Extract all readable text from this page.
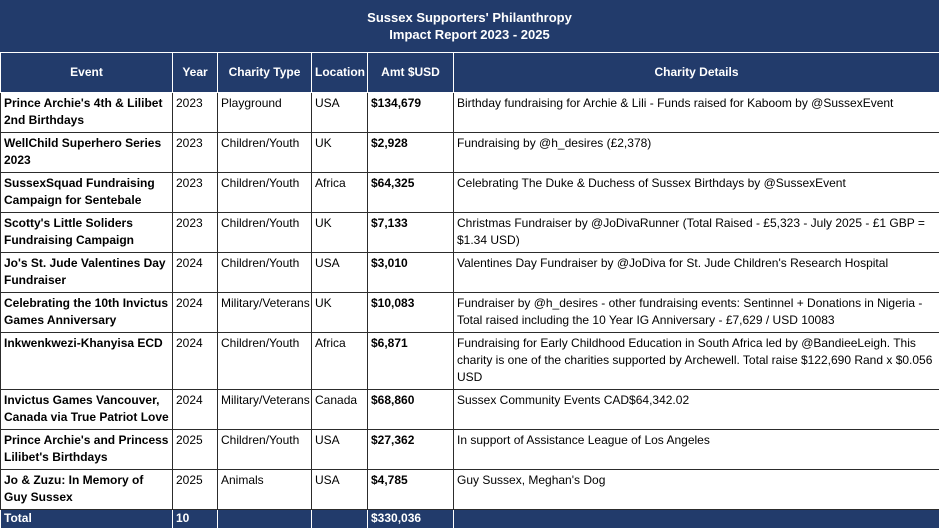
Sussex Supporters' Philanthropy
Impact Report 2023 - 2025
Event	Year	Charity Type	Location	Amt $USD	Charity Details
Prince Archie's 4th & Lilibet 2nd Birthdays	2023	Playground	USA	$134,679	Birthday fundraising for Archie & Lili - Funds raised for Kaboom by @SussexEvent
WellChild Superhero Series 2023	2023	Children/Youth	UK	$2,928	Fundraising by @h_desires (£2,378)
SussexSquad Fundraising Campaign for Sentebale	2023	Children/Youth	Africa	$64,325	Celebrating The Duke & Duchess of Sussex Birthdays by @SussexEvent
Scotty's Little Soliders Fundraising Campaign	2023	Children/Youth	UK	$7,133	Christmas Fundraiser by @JoDivaRunner (Total Raised - £5,323 - July 2025 - £1 GBP = $1.34 USD)
Jo's St. Jude Valentines Day Fundraiser	2024	Children/Youth	USA	$3,010	Valentines Day Fundraiser by @JoDiva for St. Jude Children's Research Hospital
Celebrating the 10th Invictus Games Anniversary	2024	Military/Veterans	UK	$10,083	Fundraiser by @h_desires - other fundraising events: Sentinnel + Donations in Nigeria - Total raised including the 10 Year IG Anniversary - £7,629 / USD 10083
Inkwenkwezi-Khanyisa ECD	2024	Children/Youth	Africa	$6,871	Fundraising for Early Childhood Education in South Africa led by @BandieeLeigh. This charity is one of the charities supported by Archewell. Total raise $122,690 Rand x $0.056 USD
Invictus Games Vancouver, Canada via True Patriot Love	2024	Military/Veterans	Canada	$68,860	Sussex Community Events CAD$64,342.02
Prince Archie's and Princess Lilibet's Birthdays	2025	Children/Youth	USA	$27,362	In support of Assistance League of Los Angeles
Jo & Zuzu: In Memory of Guy Sussex	2025	Animals	USA	$4,785	Guy Sussex, Meghan's Dog
Total	10			$330,036	
